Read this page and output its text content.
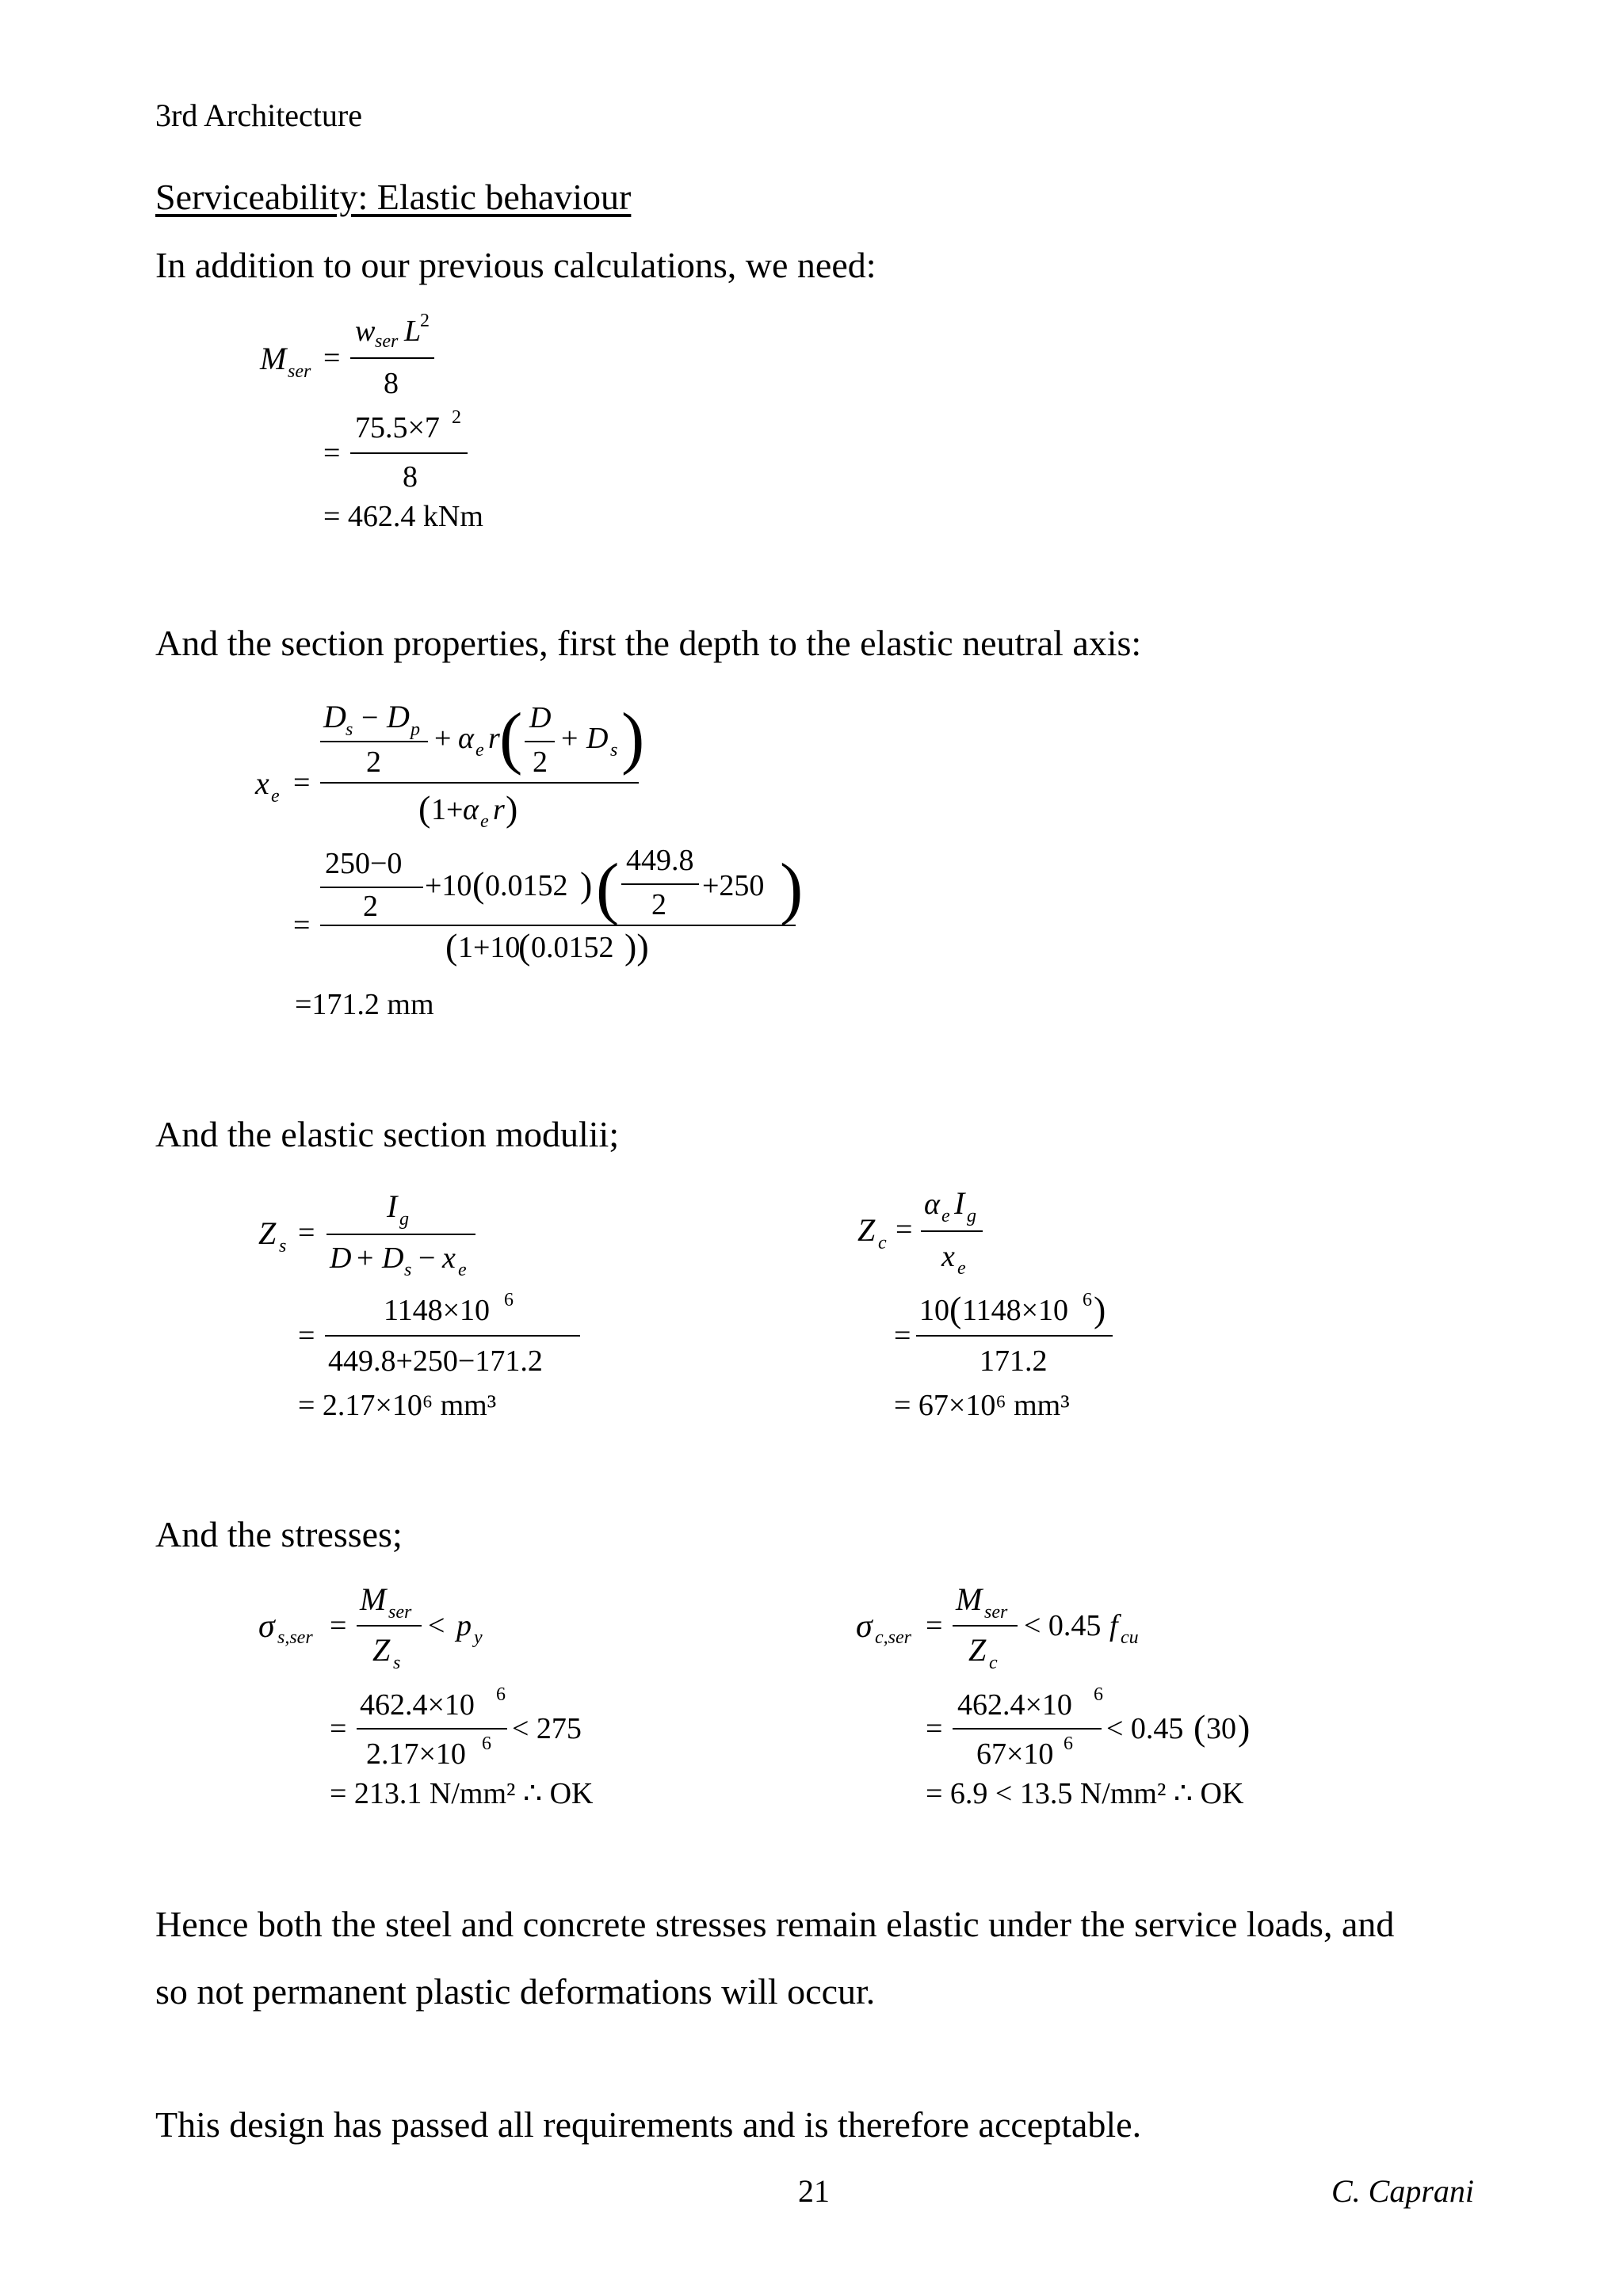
3rd Architecture
Serviceability: Elastic behaviour
In addition to our previous calculations, we need:
And the section properties, first the depth to the elastic neutral axis:
And the elastic section modulii;
And the stresses;
Hence both the steel and concrete stresses remain elastic under the service loads, and
so not permanent plastic deformations will occur.
This design has passed all requirements and is therefore acceptable.
M ser =
w ser L
2
8
=
75.5×7 2
8
= 462.4 kNm
D s − D p
2
+ α e r ( D
2
+ D s )
x e =
( 1+ α e r )
250−0
2
+10 ( 0.0152 ) ( 449.8
2
+250 )
=
( 1+10
( 0.0152 ))
=171.2 mm
I g
Z s =
D + D s − x e
1148×10 6
=
449.8+250−171.2
= 2.17×10⁶ mm³
Z c =
α e I g
x e
10 ( 1148×10 6 )
=
171.2
= 67×10⁶ mm³
σ s,ser =
M ser
Z s
< p y
462.4×10 6
=
2.17×10 6 < 275
= 213.1 N/mm² ∴ OK
σ c,ser =
M ser
Z c
< 0.45 f cu
462.4×10 6
=
67×10 6 < 0.45 ( 30 )
= 6.9 < 13.5 N/mm² ∴ OK
21	C. Caprani
